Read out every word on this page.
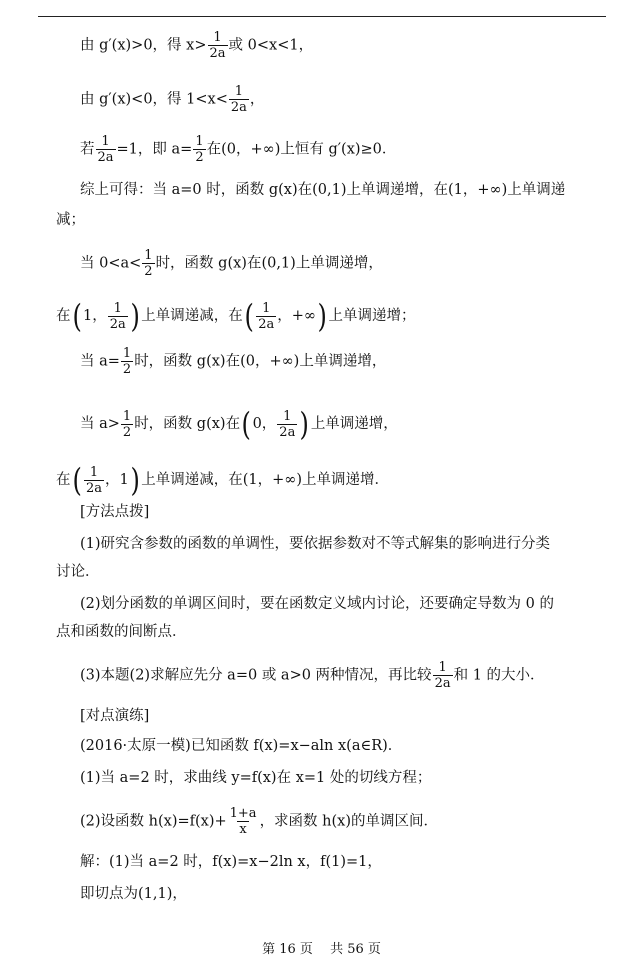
由 g′(x)>0，得 $x> \frac{1}{2a}$ 或 0<x<1，
由 g′(x)<0，得 $1<x< \frac{1}{2a}$ ，
若 $\frac{1}{2a} =1$，即 $a= \frac{1}{2}$ 在(0，+∞)上恒有 g′(x)≥0．
综上可得：当 a=0 时，函数 g(x)在(0,1)上单调递增，在(1，+∞)上单调递
减；
当 $0<a< \frac{1}{2}$ 时，函数 g(x)在(0,1)上单调递增，
在( 1， $\frac{1}{2a}$ ) 上单调递减，在( $\frac{1}{2a}$ ，+∞) 上单调递增；
当 $a= \frac{1}{2}$ 时，函数 g(x)在(0，+∞)上单调递增，
当 $a> \frac{1}{2}$ 时，函数 g(x)在( 0， $\frac{1}{2a}$ ) 上单调递增，
在( $\frac{1}{2a}$ ，1) 上单调递减，在(1，+∞)上单调递增．
[方法点拨]
(1)研究含参数的函数的单调性，要依据参数对不等式解集的影响进行分类
讨论．
(2)划分函数的单调区间时，要在函数定义域内讨论，还要确定导数为 0 的
点和函数的间断点．
(3)本题(2)求解应先分 a=0 或 a>0 两种情况，再比较 $\frac{1}{2a}$ 和 1 的大小．
[对点演练]
(2016·太原一模)已知函数 f(x)=x−aln x(a∈R)．
(1)当 a=2 时，求曲线 y=f(x)在 x=1 处的切线方程；
(2)设函数 $h(x)=f(x)+ \frac{1+a}{x}$ ，求函数 h(x)的单调区间．
解：(1)当 a=2 时，f(x)=x−2ln x，f(1)=1，
即切点为(1,1)，
第 16 页　 共 56 页
